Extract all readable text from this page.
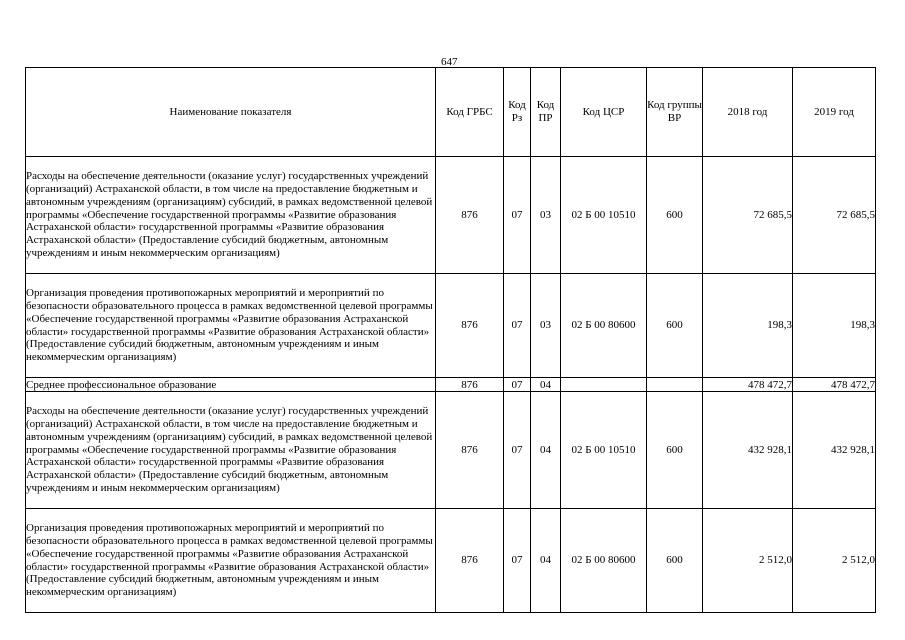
647
Наименование показателя	Код ГРБС	Код Рз	Код ПР	Код ЦСР	Код группы ВР	2018 год	2019 год
Расходы на обеспечение деятельности (оказание услуг) государственных учреждений (организаций) Астраханской области, в том числе на предоставление бюджетным и автономным учреждениям (организациям) субсидий, в рамках ведомственной целевой программы «Обеспечение государственной программы «Развитие образования Астраханской области» государственной программы «Развитие образования Астраханской области» (Предоставление субсидий бюджетным, автономным учреждениям и иным некоммерческим организациям)	876	07	03	02 Б 00 10510	600	72 685,5	72 685,5
Организация проведения противопожарных мероприятий и мероприятий по безопасности образовательного процесса в рамках ведомственной целевой программы «Обеспечение государственной программы «Развитие образования Астраханской области» государственной программы «Развитие образования Астраханской области» (Предоставление субсидий бюджетным, автономным учреждениям и иным некоммерческим организациям)	876	07	03	02 Б 00 80600	600	198,3	198,3
Среднее профессиональное образование	876	07	04			478 472,7	478 472,7
Расходы на обеспечение деятельности (оказание услуг) государственных учреждений (организаций) Астраханской области, в том числе на предоставление бюджетным и автономным учреждениям (организациям) субсидий, в рамках ведомственной целевой программы «Обеспечение государственной программы «Развитие образования Астраханской области» государственной программы «Развитие образования Астраханской области» (Предоставление субсидий бюджетным, автономным учреждениям и иным некоммерческим организациям)	876	07	04	02 Б 00 10510	600	432 928,1	432 928,1
Организация проведения противопожарных мероприятий и мероприятий по безопасности образовательного процесса в рамках ведомственной целевой программы «Обеспечение государственной программы «Развитие образования Астраханской области» государственной программы «Развитие образования Астраханской области» (Предоставление субсидий бюджетным, автономным учреждениям и иным некоммерческим организациям)	876	07	04	02 Б 00 80600	600	2 512,0	2 512,0
